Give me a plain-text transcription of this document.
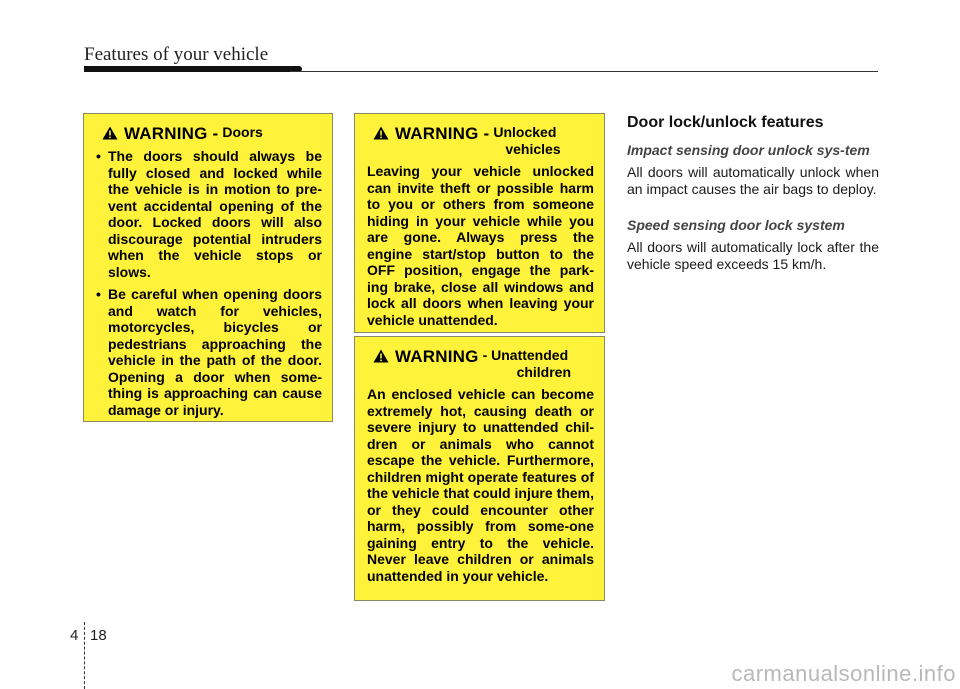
Features of your vehicle
WARNING - Doors
• The doors should always be fully closed and locked while the vehicle is in motion to pre-vent accidental opening of the door. Locked doors will also discourage potential intruders when the vehicle stops or slows.
• Be careful when opening doors and watch for vehicles, motorcycles, bicycles or pedestrians approaching the vehicle in the path of the door. Opening a door when some-thing is approaching can cause damage or injury.
WARNING - Unlocked
vehicles
Leaving your vehicle unlocked can invite theft or possible harm to you or others from someone hiding in your vehicle while you are gone. Always press the engine start/stop button to the OFF position, engage the park-ing brake, close all windows and lock all doors when leaving your vehicle unattended.
WARNING - Unattended
children
An enclosed vehicle can become extremely hot, causing death or severe injury to unattended chil-dren or animals who cannot escape the vehicle. Furthermore, children might operate features of the vehicle that could injure them, or they could encounter other harm, possibly from some-one gaining entry to the vehicle. Never leave children or animals unattended in your vehicle.
Door lock/unlock features
Impact sensing door unlock sys-tem
All doors will automatically unlock when an impact causes the air bags to deploy.
Speed sensing door lock system
All doors will automatically lock after the vehicle speed exceeds 15 km/h.
4 18
carmanualsonline.info
